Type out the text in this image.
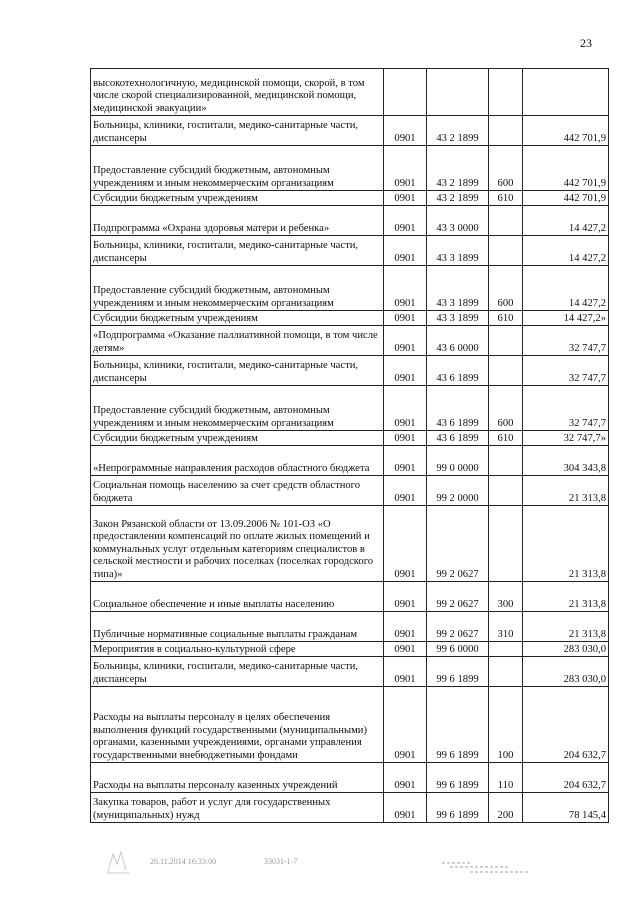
23
высокотехнологичную, медицинской помощи, скорой, в том числе скорой специализированной, медицинской помощи, медицинской эвакуации»				
Больницы, клиники, госпитали, медико-санитарные части, диспансеры	0901	43 2 1899		442 701,9
Предоставление субсидий бюджетным, автономным учреждениям и иным некоммерческим организациям	0901	43 2 1899	600	442 701,9
Субсидии бюджетным учреждениям	0901	43 2 1899	610	442 701,9
Подпрограмма «Охрана здоровья матери и ребенка»	0901	43 3 0000		14 427,2
Больницы, клиники, госпитали, медико-санитарные части, диспансеры	0901	43 3 1899		14 427,2
Предоставление субсидий бюджетным, автономным учреждениям и иным некоммерческим организациям	0901	43 3 1899	600	14 427,2
Субсидии бюджетным учреждениям	0901	43 3 1899	610	14 427,2»
«Подпрограмма «Оказание паллиативной помощи, в том числе детям»	0901	43 6 0000		32 747,7
Больницы, клиники, госпитали, медико-санитарные части, диспансеры	0901	43 6 1899		32 747,7
Предоставление субсидий бюджетным, автономным учреждениям и иным некоммерческим организациям	0901	43 6 1899	600	32 747,7
Субсидии бюджетным учреждениям	0901	43 6 1899	610	32 747,7»
«Непрограммные направления расходов областного бюджета	0901	99 0 0000		304 343,8
Социальная помощь населению за счет средств областного бюджета	0901	99 2 0000		21 313,8
Закон Рязанской области от 13.09.2006 № 101-ОЗ «О предоставлении компенсаций по оплате жилых помещений и коммунальных услуг отдельным категориям специалистов в сельской местности и рабочих поселках (поселках городского типа)»	0901	99 2 0627		21 313,8
Социальное обеспечение и иные выплаты населению	0901	99 2 0627	300	21 313,8
Публичные нормативные социальные выплаты гражданам	0901	99 2 0627	310	21 313,8
Мероприятия в социально-культурной сфере	0901	99 6 0000		283 030,0
Больницы, клиники, госпитали, медико-санитарные части, диспансеры	0901	99 6 1899		283 030,0
Расходы на выплаты персоналу в целях обеспечения выполнения функций государственными (муниципальными) органами, казенными учреждениями, органами управления государственными внебюджетными фондами	0901	99 6 1899	100	204 632,7
Расходы на выплаты персоналу казенных учреждений	0901	99 6 1899	110	204 632,7
Закупка товаров, работ и услуг для государственных (муниципальных) нужд	0901	99 6 1899	200	78 145,4
26.11.2014 16:33:00	33031-1-7
